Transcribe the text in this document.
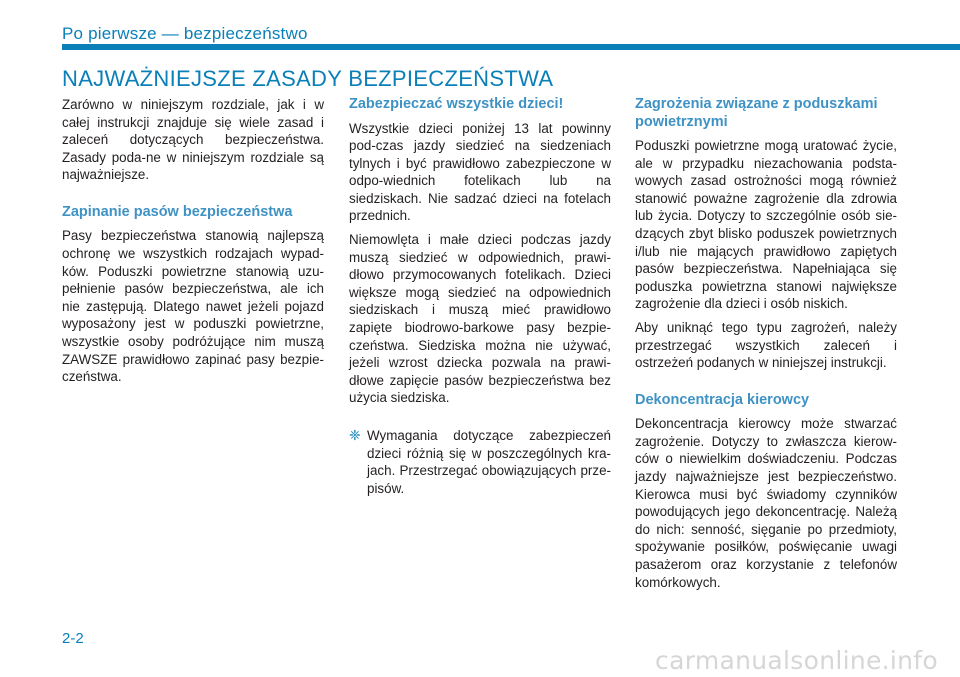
Po pierwsze — bezpieczeństwo
NAJWAŻNIEJSZE ZASADY BEZPIECZEŃSTWA

Zarówno w niniejszym rozdziale, jak i w całej instrukcji znajduje się wiele zasad i zaleceń dotyczących bezpieczeństwa. Zasady poda-ne w niniejszym rozdziale są najważniejsze.

Zapinanie pasów bezpieczeństwa

Pasy bezpieczeństwa stanowią najlepszą ochronę we wszystkich rodzajach wypad-ków. Poduszki powietrzne stanowią uzu-pełnienie pasów bezpieczeństwa, ale ich nie zastępują. Dlatego nawet jeżeli pojazd wyposażony jest w poduszki powietrzne, wszystkie osoby podróżujące nim muszą ZAWSZE prawidłowo zapinać pasy bezpie-czeństwa.

Zabezpieczać wszystkie dzieci!

Wszystkie dzieci poniżej 13 lat powinny pod-czas jazdy siedzieć na siedzeniach tylnych i być prawidłowo zabezpieczone w odpo-wiednich fotelikach lub na siedziskach. Nie sadzać dzieci na fotelach przednich.

Niemowlęta i małe dzieci podczas jazdy muszą siedzieć w odpowiednich, prawi-dłowo przymocowanych fotelikach. Dzieci większe mogą siedzieć na odpowiednich siedziskach i muszą mieć prawidłowo zapięte biodrowo-barkowe pasy bezpie-czeństwa. Siedziska można nie używać, jeżeli wzrost dziecka pozwala na prawi-dłowe zapięcie pasów bezpieczeństwa bez użycia siedziska.

❈ Wymagania dotyczące zabezpieczeń dzieci różnią się w poszczególnych kra-jach. Przestrzegać obowiązujących prze-pisów.
Zagrożenia związane z poduszkami powietrznymi

Poduszki powietrzne mogą uratować życie, ale w przypadku niezachowania podsta-wowych zasad ostrożności mogą również stanowić poważne zagrożenie dla zdrowia lub życia. Dotyczy to szczególnie osób sie-dzących zbyt blisko poduszek powietrznych i/lub nie mających prawidłowo zapiętych pasów bezpieczeństwa. Napełniająca się poduszka powietrzna stanowi największe zagrożenie dla dzieci i osób niskich.

Aby uniknąć tego typu zagrożeń, należy przestrzegać wszystkich zaleceń i ostrzeżeń podanych w niniejszej instrukcji.

Dekoncentracja kierowcy

Dekoncentracja kierowcy może stwarzać zagrożenie. Dotyczy to zwłaszcza kierow-ców o niewielkim doświadczeniu. Podczas jazdy najważniejsze jest bezpieczeństwo. Kierowca musi być świadomy czynników powodujących jego dekoncentrację. Należą do nich: senność, sięganie po przedmioty, spożywanie posiłków, poświęcanie uwagi pasażerom oraz korzystanie z telefonów komórkowych.

2-2
carmanualsonline.info
